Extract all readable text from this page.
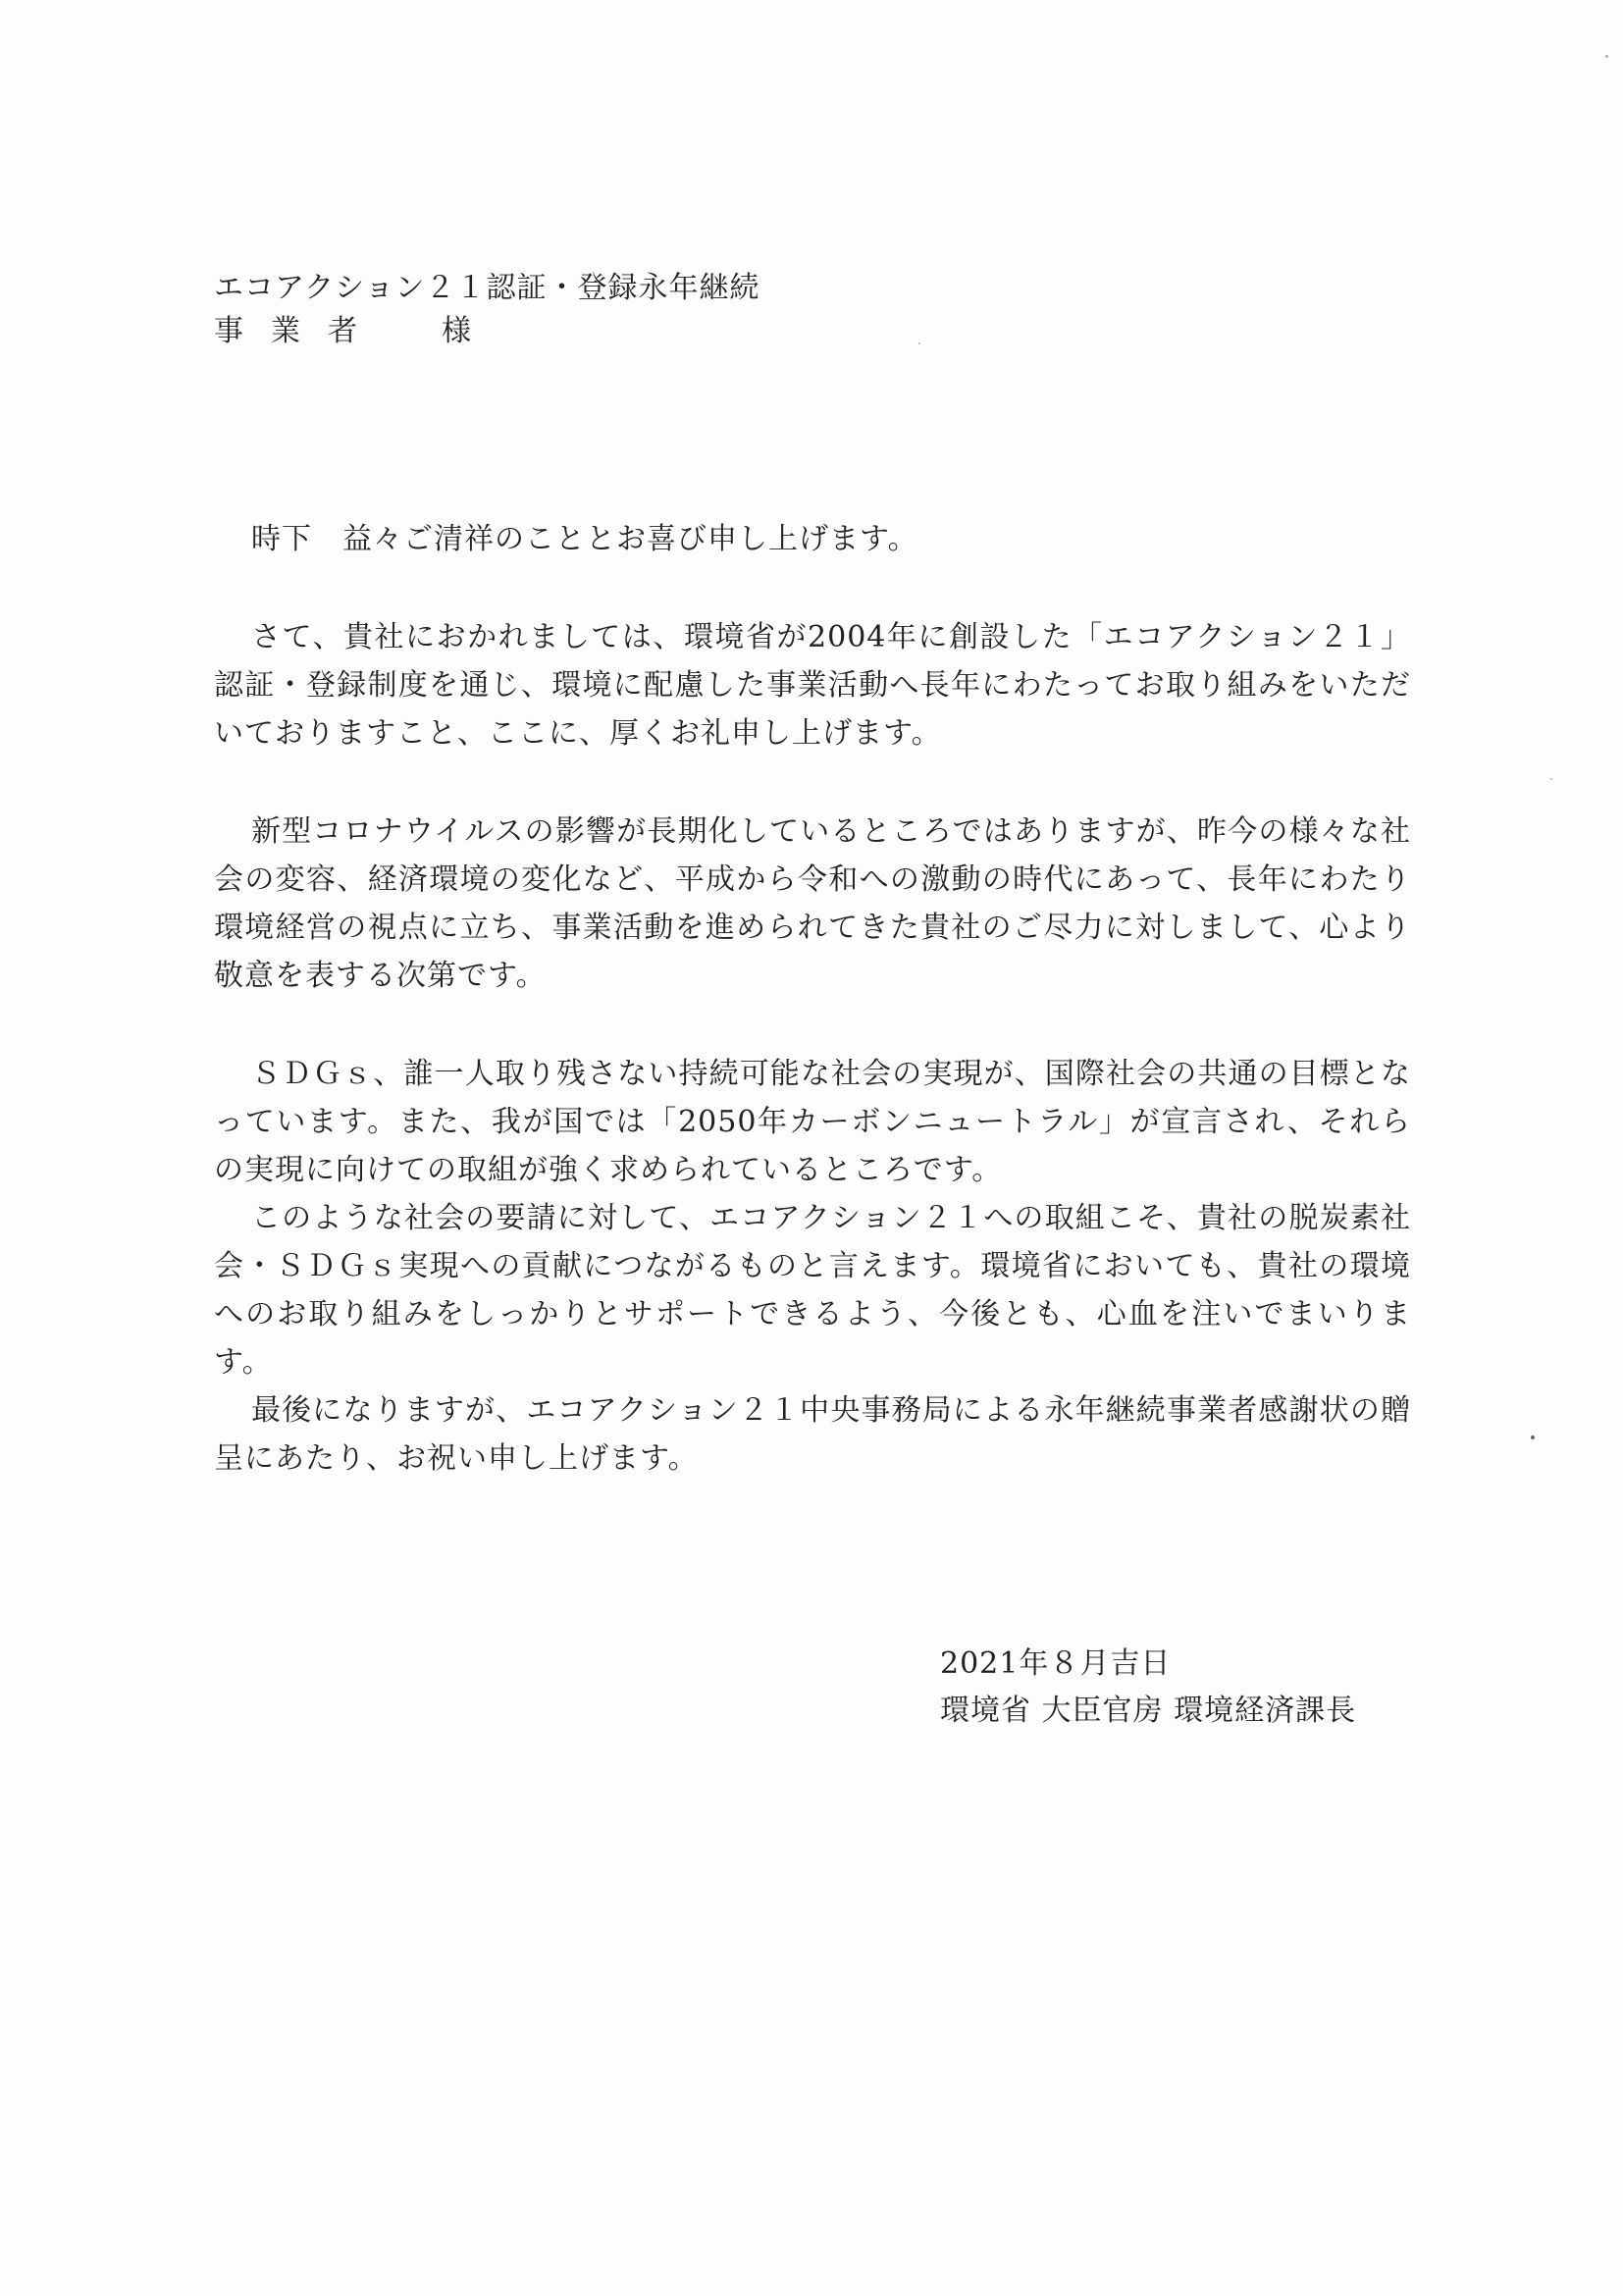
エコアクション２１認証・登録永年継続
事業者　様

時下　益々ご清祥のこととお喜び申し上げます。

さて、貴社におかれましては、環境省が2004年に創設した「エコアクション２１」認証・登録制度を通じ、環境に配慮した事業活動へ長年にわたってお取り組みをいただいておりますこと、ここに、厚くお礼申し上げます。

新型コロナウイルスの影響が長期化しているところではありますが、昨今の様々な社会の変容、経済環境の変化など、平成から令和への激動の時代にあって、長年にわたり環境経営の視点に立ち、事業活動を進められてきた貴社のご尽力に対しまして、心より敬意を表する次第です。

ＳＤＧｓ、誰一人取り残さない持続可能な社会の実現が、国際社会の共通の目標となっています。また、我が国では「2050年カーボンニュートラル」が宣言され、それらの実現に向けての取組が強く求められているところです。

このような社会の要請に対して、エコアクション２１への取組こそ、貴社の脱炭素社会・ＳＤＧｓ実現への貢献につながるものと言えます。環境省においても、貴社の環境へのお取り組みをしっかりとサポートできるよう、今後とも、心血を注いでまいります。

最後になりますが、エコアクション２１中央事務局による永年継続事業者感謝状の贈呈にあたり、お祝い申し上げます。

2021年８月吉日
環境省 大臣官房 環境経済課長
